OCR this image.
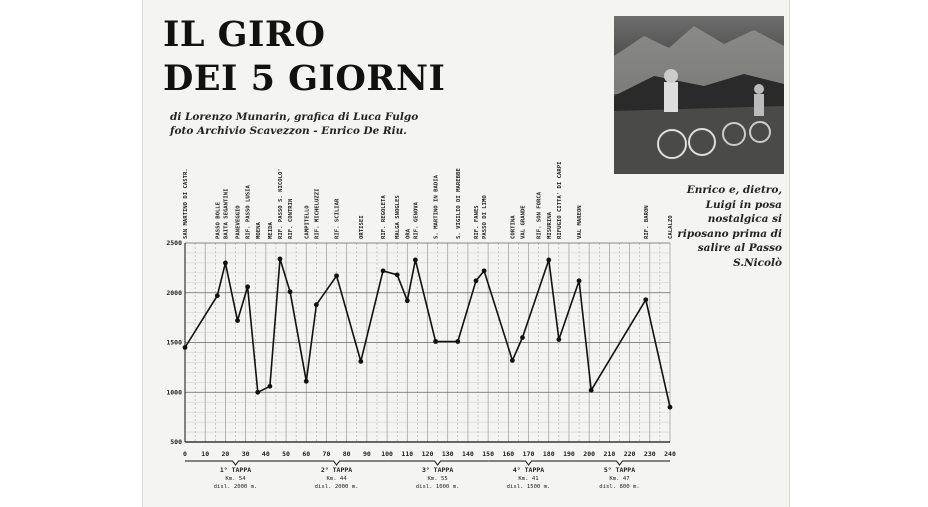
IL GIRO
DEI 5 GIORNI

di Lorenzo Munarin, grafica di Luca Fulgo

foto Archivio Scavezzon - Enrico De Riu.

Enrico e, dietro,
Luigi in posa
nostalgica si
riposano prima di
salire al Passo
S.Nicolò

SAN MARTINO DI CASTR.	PASSO BOLLE BAITA SEGANTINI PANEVEGGIO RIF. PASSO LUSIA MOENA MEIDA RIF. PASSO S. NICOLO' RIF. CONTRIN CAMPITELLO RIF. MICHELUZZI	RIF. SCILIAR	ORTISEI	RIF. REGOLETA MALGA SNOGLES ORA RIF. GENOVA	S. MARTINO IN BADIA	S. VIGILIO DI MAREBBE RIF. FANES PASSO DI LIMO	CORTINA VAL GRANDE RIF. SON FORCA MISURINA RIFUGIO CITTA' DI CARPI	VAL MAREON	RIF. BARON	CALALZO
500
1000
1500
2000
2500
0 10 20 30 40 50 60 70 80 90 100 110 120 130 140 150 160 170 180 190 200 210 220 230 240
1° TAPPA
Km. 54
disl. 2000 m.
2° TAPPA
Km. 44
disl. 2000 m.
3° TAPPA
Km. 55
disl. 1000 m.
4° TAPPA
Km. 41
disl. 1500 m.
5° TAPPA
Km. 47
disl. 800 m.
